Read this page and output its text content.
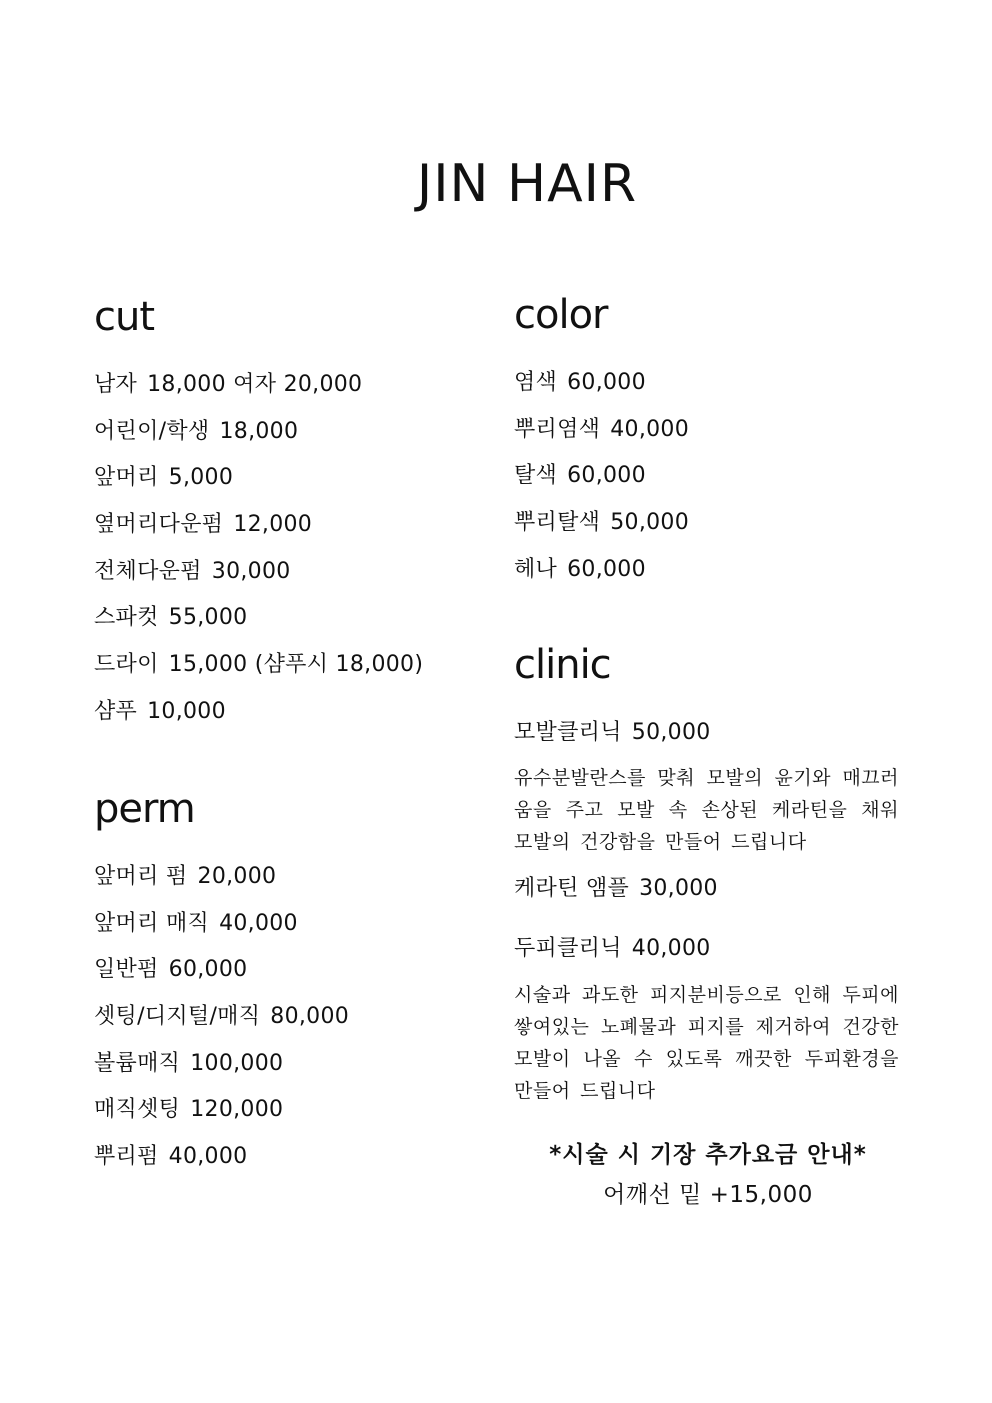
JIN HAIR
cut
남자 18,000 여자 20,000
어린이/학생 18,000
앞머리 5,000
옆머리다운펌 12,000
전체다운펌 30,000
스파컷 55,000
드라이 15,000 (샴푸시 18,000)
샴푸 10,000
perm
앞머리 펌 20,000
앞머리 매직 40,000
일반펌 60,000
셋팅/디지털/매직 80,000
볼륨매직 100,000
매직셋팅 120,000
뿌리펌 40,000
color
염색 60,000
뿌리염색 40,000
탈색 60,000
뿌리탈색 50,000
헤나 60,000
clinic
모발클리닉 50,000
유수분발란스를 맞춰 모발의 윤기와 매끄러움을 주고 모발 속 손상된 케라틴을 채워 모발의 건강함을 만들어 드립니다
케라틴 앰플 30,000
두피클리닉 40,000
시술과 과도한 피지분비등으로 인해 두피에 쌓여있는 노폐물과 피지를 제거하여 건강한 모발이 나올 수 있도록 깨끗한 두피환경을 만들어 드립니다
*시술 시 기장 추가요금 안내*
어깨선 밑 +15,000
